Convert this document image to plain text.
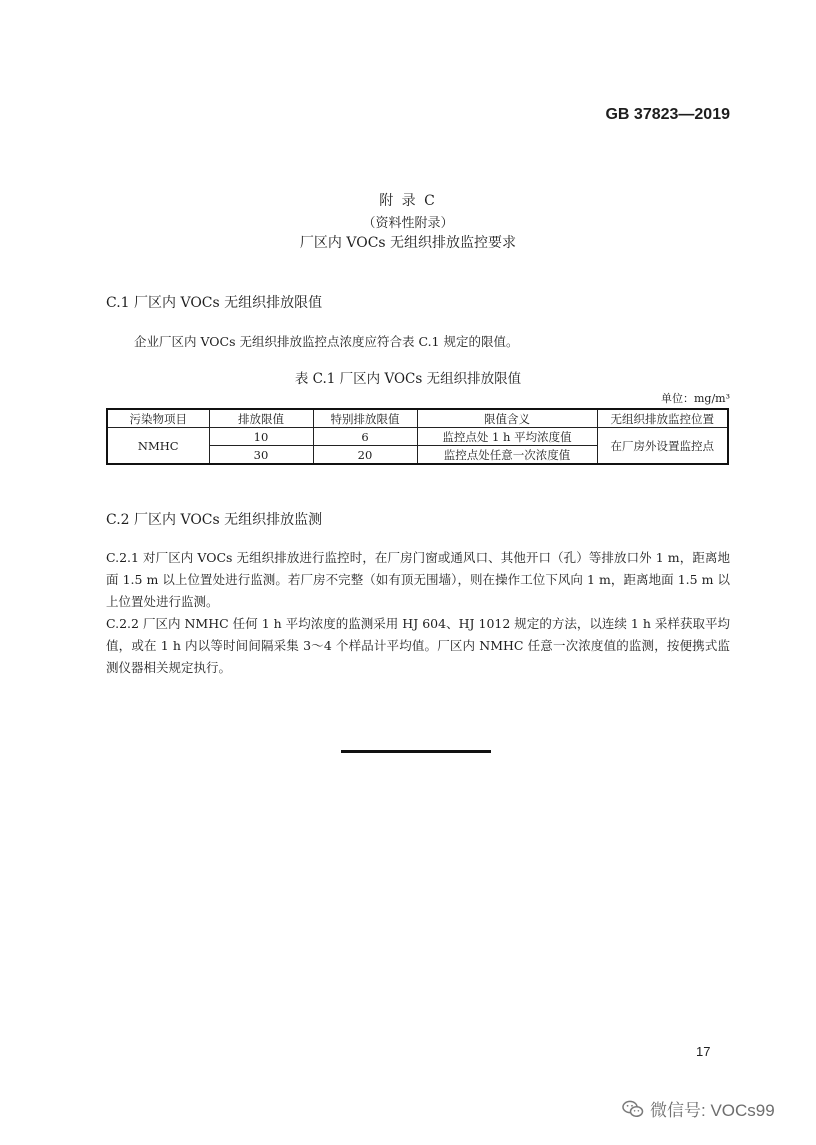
GB 37823—2019
附 录 C
（资料性附录）
厂区内 VOCs 无组织排放监控要求
C.1 厂区内 VOCs 无组织排放限值
企业厂区内 VOCs 无组织排放监控点浓度应符合表 C.1 规定的限值。
表 C.1 厂区内 VOCs 无组织排放限值
单位：mg/m³
污染物项目	排放限值	特别排放限值	限值含义	无组织排放监控位置
NMHC	10	6	监控点处 1 h 平均浓度值	在厂房外设置监控点
	30	20	监控点处任意一次浓度值	
C.2 厂区内 VOCs 无组织排放监测
C.2.1 对厂区内 VOCs 无组织排放进行监控时，在厂房门窗或通风口、其他开口（孔）等排放口外 1 m，距离地面 1.5 m 以上位置处进行监测。若厂房不完整（如有顶无围墙），则在操作工位下风向 1 m，距离地面 1.5 m 以上位置处进行监测。
C.2.2 厂区内 NMHC 任何 1 h 平均浓度的监测采用 HJ 604、HJ 1012 规定的方法，以连续 1 h 采样获取平均值，或在 1 h 内以等时间间隔采集 3～4 个样品计平均值。厂区内 NMHC 任意一次浓度值的监测，按便携式监测仪器相关规定执行。
17
微信号: VOCs99
